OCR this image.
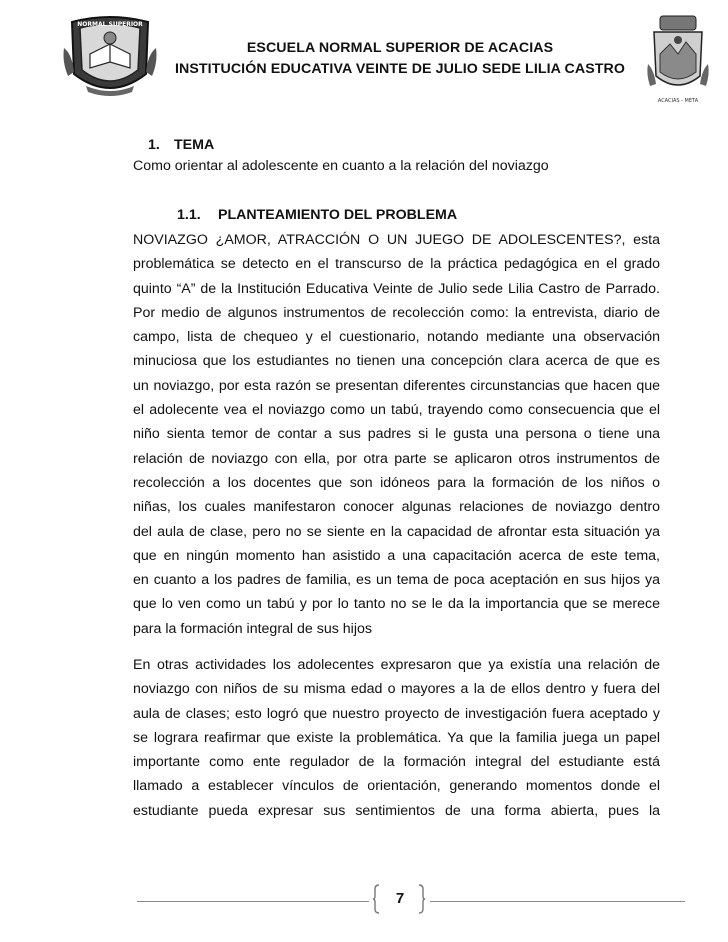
NORMAL SUPERIOR
ACACIAS - META
ESCUELA NORMAL SUPERIOR DE ACACIAS
INSTITUCIÓN EDUCATIVA VEINTE DE JULIO SEDE LILIA CASTRO
1. TEMA
Como orientar al adolescente en cuanto a la relación del noviazgo
1.1. PLANTEAMIENTO DEL PROBLEMA
NOVIAZGO ¿AMOR, ATRACCIÓN O UN JUEGO DE ADOLESCENTES?, esta
problemática se detecto en el transcurso de la práctica pedagógica en el grado
quinto “A” de la Institución Educativa Veinte de Julio sede Lilia Castro de Parrado.
Por medio de algunos instrumentos de recolección como: la entrevista, diario de
campo, lista de chequeo y el cuestionario, notando mediante una observación
minuciosa que los estudiantes no tienen una concepción clara acerca de que es
un noviazgo, por esta razón se presentan diferentes circunstancias que hacen que
el adolecente vea el noviazgo como un tabú, trayendo como consecuencia que el
niño sienta temor de contar a sus padres si le gusta una persona o tiene una
relación de noviazgo con ella, por otra parte se aplicaron otros instrumentos de
recolección a los docentes que son idóneos para la formación de los niños o
niñas, los cuales manifestaron conocer algunas relaciones de noviazgo dentro
del aula de clase, pero no se siente en la capacidad de afrontar esta situación ya
que en ningún momento han asistido a una capacitación acerca de este tema,
en cuanto a los padres de familia, es un tema de poca aceptación en sus hijos ya
que lo ven como un tabú y por lo tanto no se le da la importancia que se merece
para la formación integral de sus hijos
En otras actividades los adolecentes expresaron que ya existía una relación de
noviazgo con niños de su misma edad o mayores a la de ellos dentro y fuera del
aula de clases; esto logró que nuestro proyecto de investigación fuera aceptado y
se lograra reafirmar que existe la problemática. Ya que la familia juega un papel
importante como ente regulador de la formación integral del estudiante está
llamado a establecer vínculos de orientación, generando momentos donde el
estudiante pueda expresar sus sentimientos de una forma abierta, pues la
7
